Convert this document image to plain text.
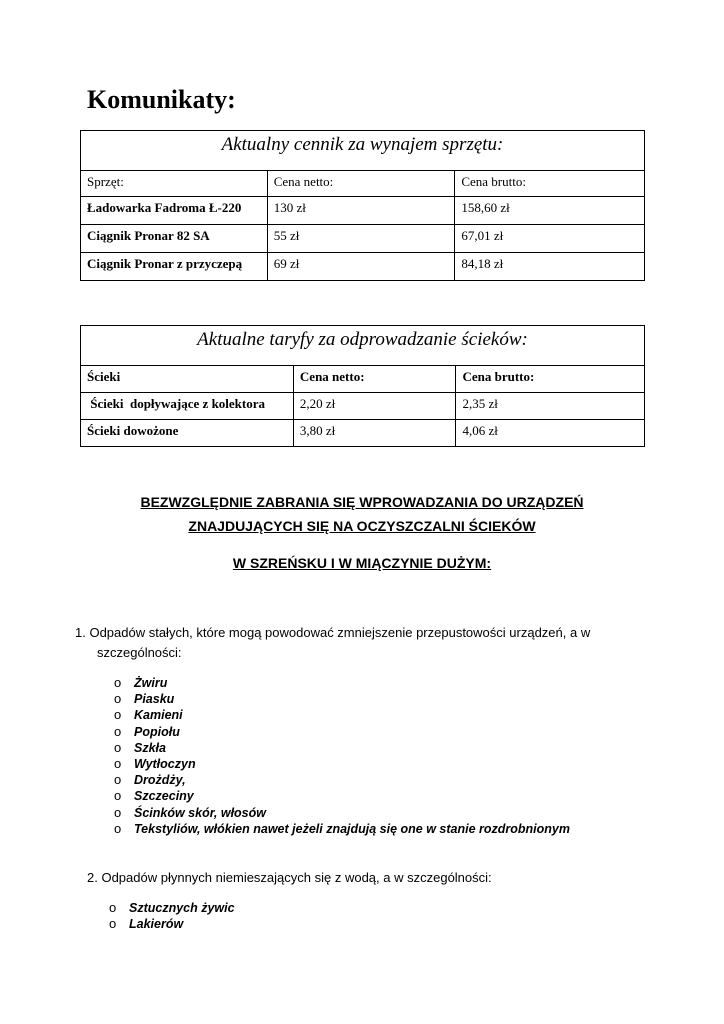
Komunikaty:
Aktualny cennik za wynajem sprzętu:		
Sprzęt:	Cena netto:	Cena brutto:
Ładowarka Fadroma Ł-220	130 zł	158,60 zł
Ciągnik Pronar 82 SA	55 zł	67,01 zł
Ciągnik Pronar z przyczepą	69 zł	84,18 zł
Aktualne taryfy za odprowadzanie ścieków:		
Ścieki	Cena netto:	Cena brutto:
Ścieki  dopływające z kolektora	2,20 zł	2,35 zł
Ścieki dowożone	3,80 zł	4,06 zł

BEZWZGLĘDNIE ZABRANIA SIĘ WPROWADZANIA DO URZĄDZEŃ

ZNAJDUJĄCYCH SIĘ NA OCZYSZCZALNI ŚCIEKÓW

W SZREŃSKU I W MIĄCZYNIE DUŻYM:

1. Odpadów stałych, które mogą powodować zmniejszenie przepustowości urządzeń, a w

szczególności:

o Żwiru
o Piasku
o Kamieni
o Popiołu
o Szkła
o Wytłoczyn
o Drożdży,
o Szczeciny
o Ścinków skór, włosów
o Tekstyliów, włókien nawet jeżeli znajdują się one w stanie rozdrobnionym

2. Odpadów płynnych niemieszających się z wodą, a w szczególności:

o Sztucznych żywic
o Lakierów
